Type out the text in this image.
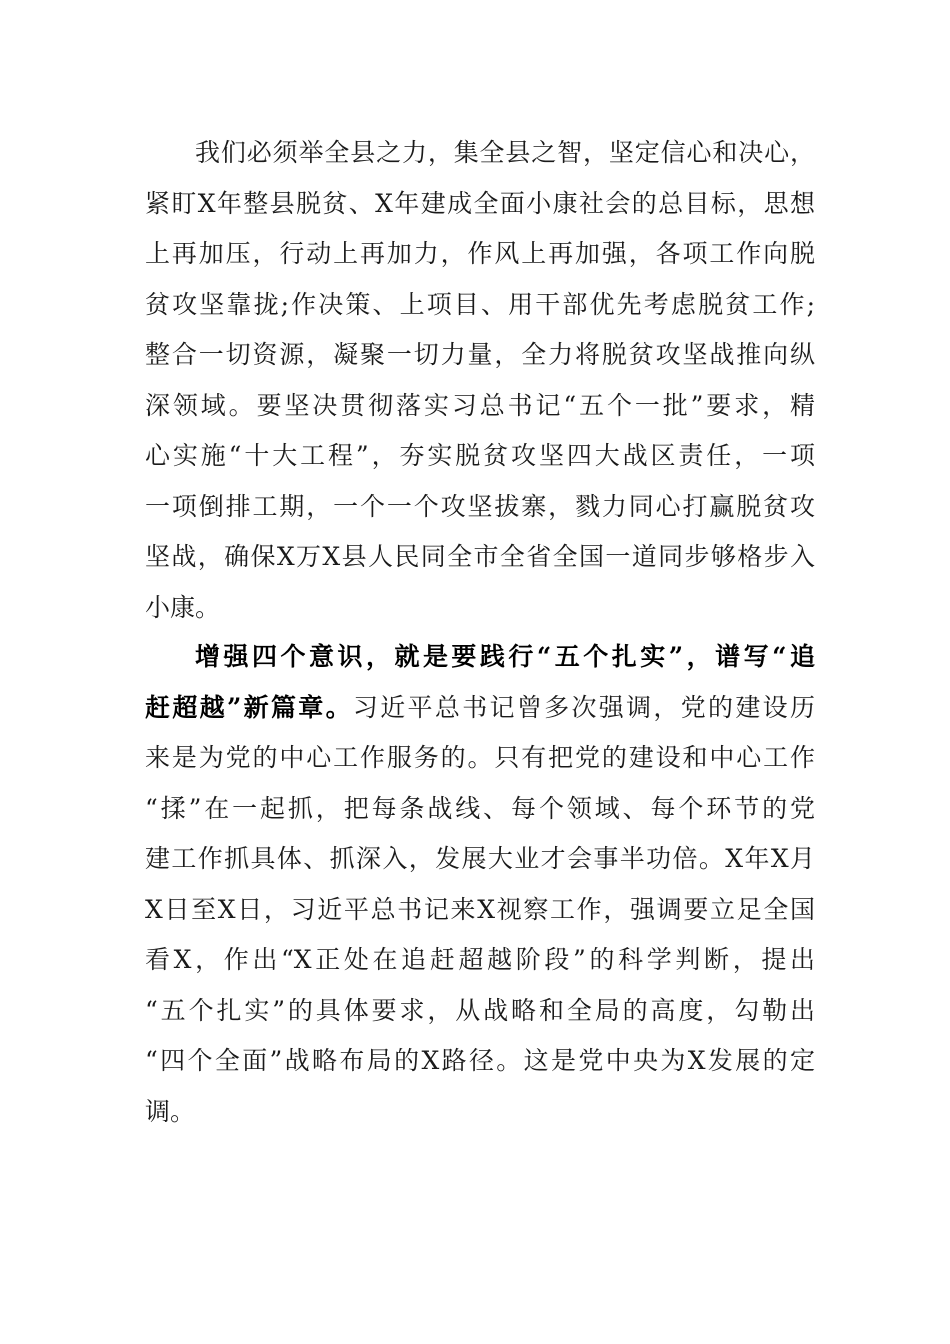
我们必须举全县之力，集全县之智，坚定信心和决心，
紧盯X年整县脱贫、X年建成全面小康社会的总目标，思想
上再加压，行动上再加力，作风上再加强，各项工作向脱
贫攻坚靠拢;作决策、上项目、用干部优先考虑脱贫工作;
整合一切资源，凝聚一切力量，全力将脱贫攻坚战推向纵
深领域。要坚决贯彻落实习总书记“五个一批”要求，精
心实施“十大工程”，夯实脱贫攻坚四大战区责任，一项
一项倒排工期，一个一个攻坚拔寨，戮力同心打赢脱贫攻
坚战，确保X万X县人民同全市全省全国一道同步够格步入
小康。
增强四个意识，就是要践行“五个扎实”，谱写“追
赶超越”新篇章。习近平总书记曾多次强调，党的建设历
来是为党的中心工作服务的。只有把党的建设和中心工作
“揉”在一起抓，把每条战线、每个领域、每个环节的党
建工作抓具体、抓深入，发展大业才会事半功倍。X年X月
X日至X日，习近平总书记来X视察工作，强调要立足全国
看X，作出“X正处在追赶超越阶段”的科学判断，提出
“五个扎实”的具体要求，从战略和全局的高度，勾勒出
“四个全面”战略布局的X路径。这是党中央为X发展的定
调。
